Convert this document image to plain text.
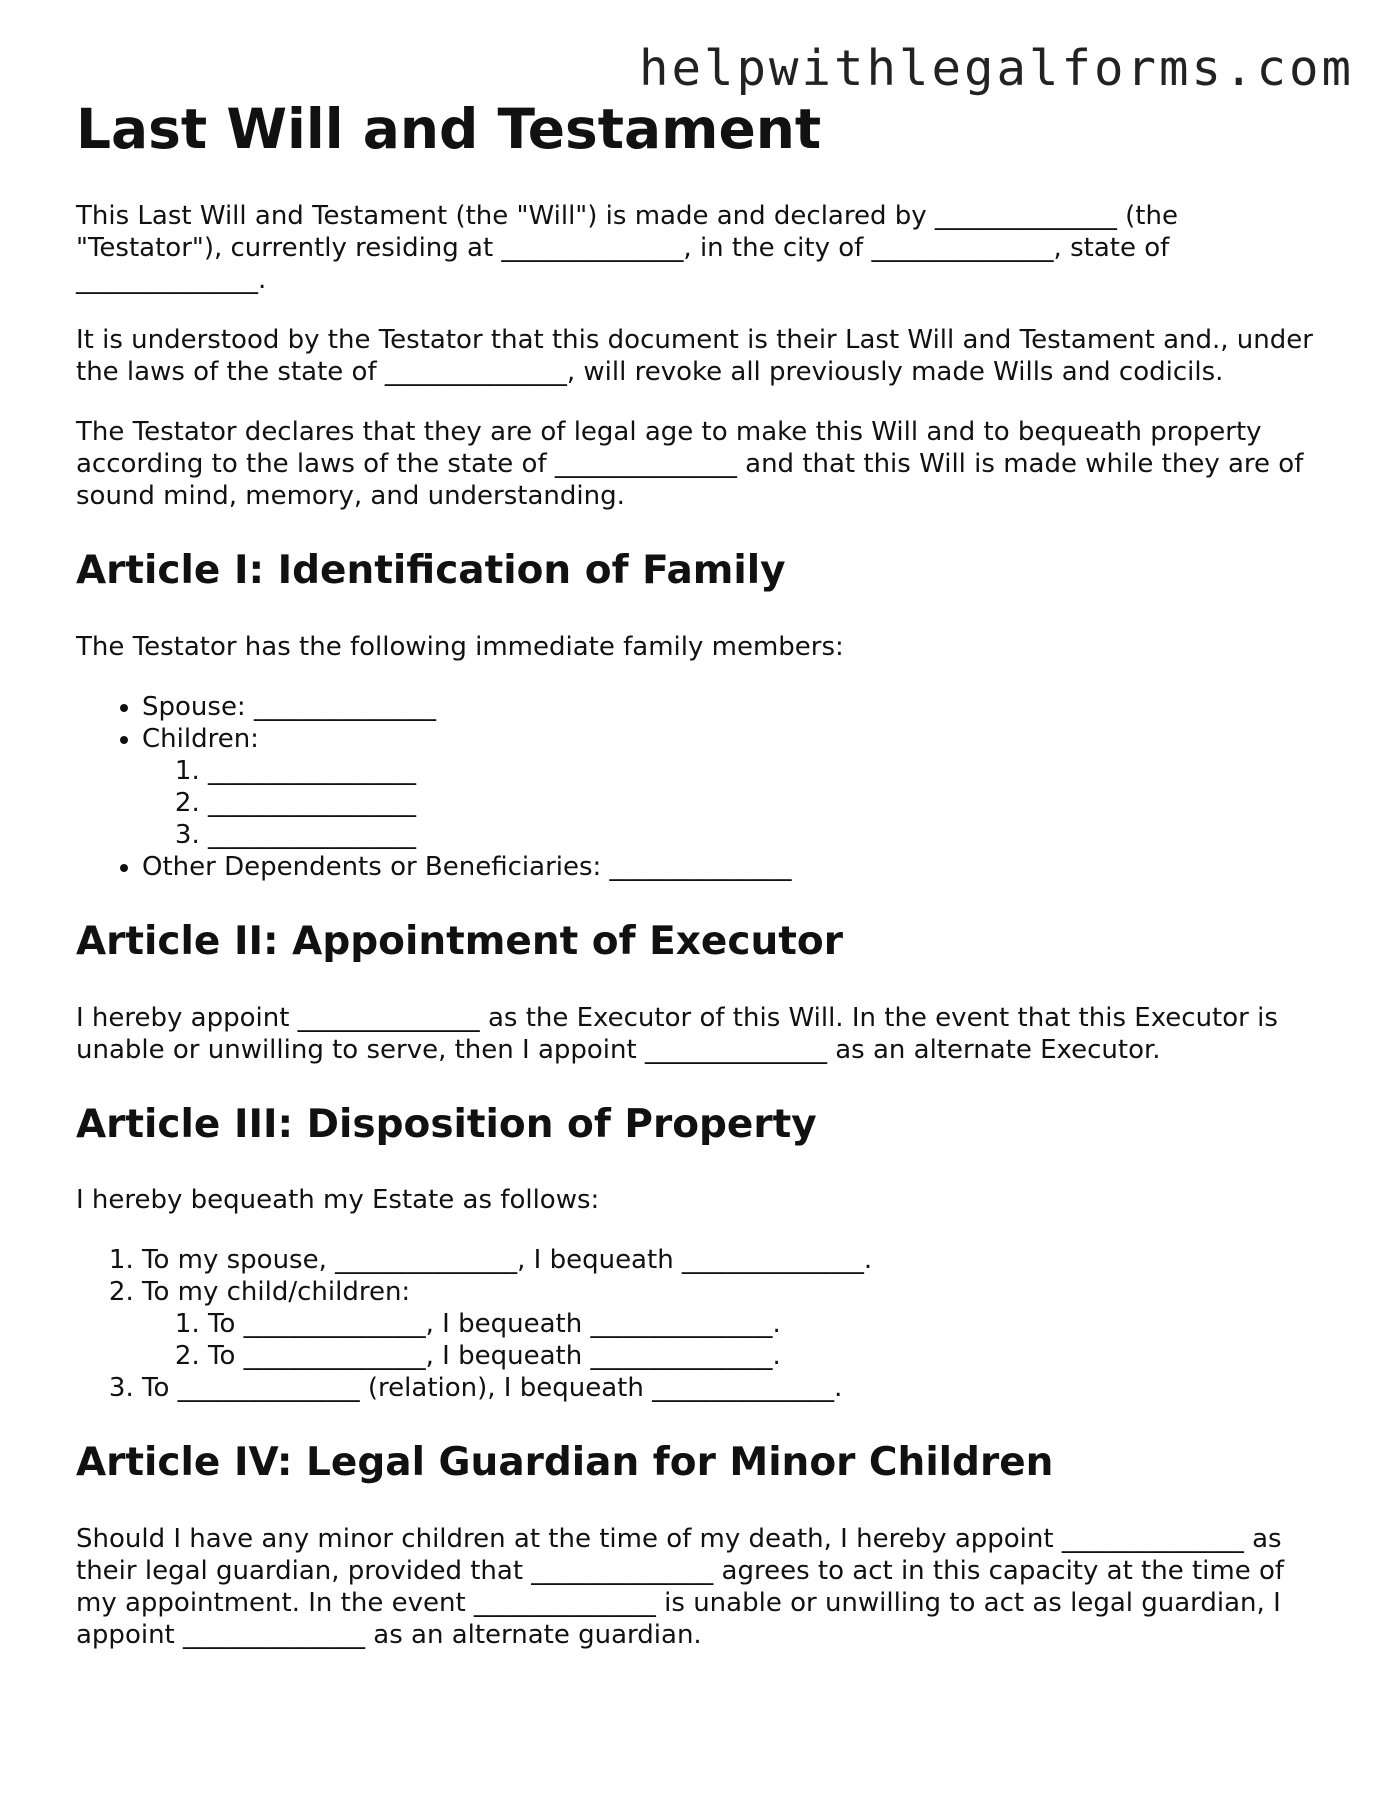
helpwithlegalforms.com
Last Will and Testament

This Last Will and Testament (the "Will") is made and declared by ______________ (the "Testator"), currently residing at ______________, in the city of ______________, state of ______________.

It is understood by the Testator that this document is their Last Will and Testament and., under the laws of the state of ______________, will revoke all previously made Wills and codicils.

The Testator declares that they are of legal age to make this Will and to bequeath property according to the laws of the state of ______________ and that this Will is made while they are of sound mind, memory, and understanding.

Article I: Identification of Family

The Testator has the following immediate family members:

• Spouse: ______________
• Children:
1. ________________
2. ________________
3. ________________
• Other Dependents or Beneficiaries: ______________
Article II: Appointment of Executor

I hereby appoint ______________ as the Executor of this Will. In the event that this Executor is unable or unwilling to serve, then I appoint ______________ as an alternate Executor.

Article III: Disposition of Property

I hereby bequeath my Estate as follows:

1. To my spouse, ______________, I bequeath ______________.
2. To my child/children:
1. To ______________, I bequeath ______________.
2. To ______________, I bequeath ______________.
3. To ______________ (relation), I bequeath ______________.
Article IV: Legal Guardian for Minor Children

Should I have any minor children at the time of my death, I hereby appoint ______________ as their legal guardian, provided that ______________ agrees to act in this capacity at the time of my appointment. In the event ______________ is unable or unwilling to act as legal guardian, I appoint ______________ as an alternate guardian.
